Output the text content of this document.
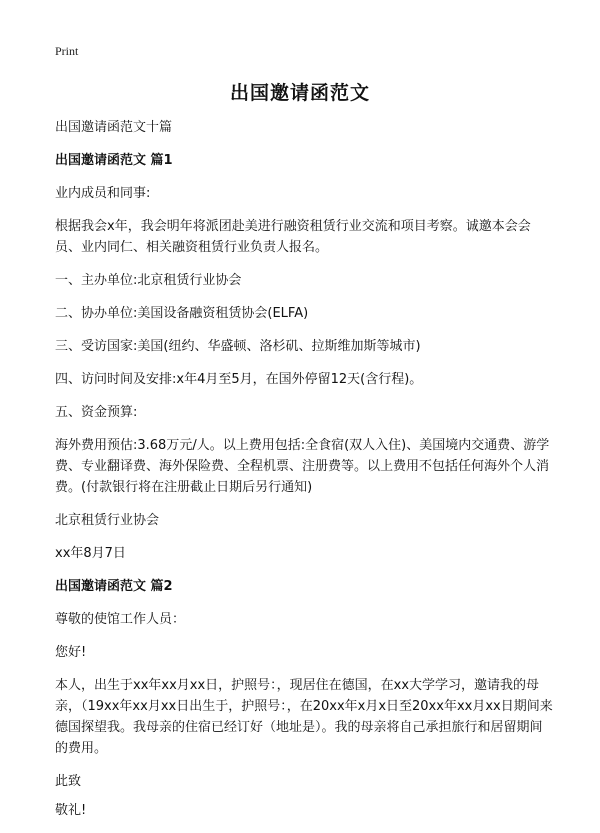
Print
出国邀请函范文

出国邀请函范文十篇

出国邀请函范文 篇1

业内成员和同事:

根据我会x年，我会明年将派团赴美进行融资租赁行业交流和项目考察。诚邀本会会员、业内同仁、相关融资租赁行业负责人报名。

一、主办单位:北京租赁行业协会

二、协办单位:美国设备融资租赁协会(ELFA)

三、受访国家:美国(纽约、华盛顿、洛杉矶、拉斯维加斯等城市)

四、访问时间及安排:x年4月至5月，在国外停留12天(含行程)。

五、资金预算:

海外费用预估:3.68万元/人。以上费用包括:全食宿(双人入住)、美国境内交通费、游学费、专业翻译费、海外保险费、全程机票、注册费等。以上费用不包括任何海外个人消费。(付款银行将在注册截止日期后另行通知)

北京租赁行业协会

xx年8月7日

出国邀请函范文 篇2

尊敬的使馆工作人员：

您好!

本人，出生于xx年xx月xx日，护照号：，现居住在德国，在xx大学学习，邀请我的母亲，（19xx年xx月xx日出生于，护照号：，在20xx年x月x日至20xx年xx月xx日期间来德国探望我。我母亲的住宿已经订好（地址是）。我的母亲将自己承担旅行和居留期间的费用。

此致

敬礼!
